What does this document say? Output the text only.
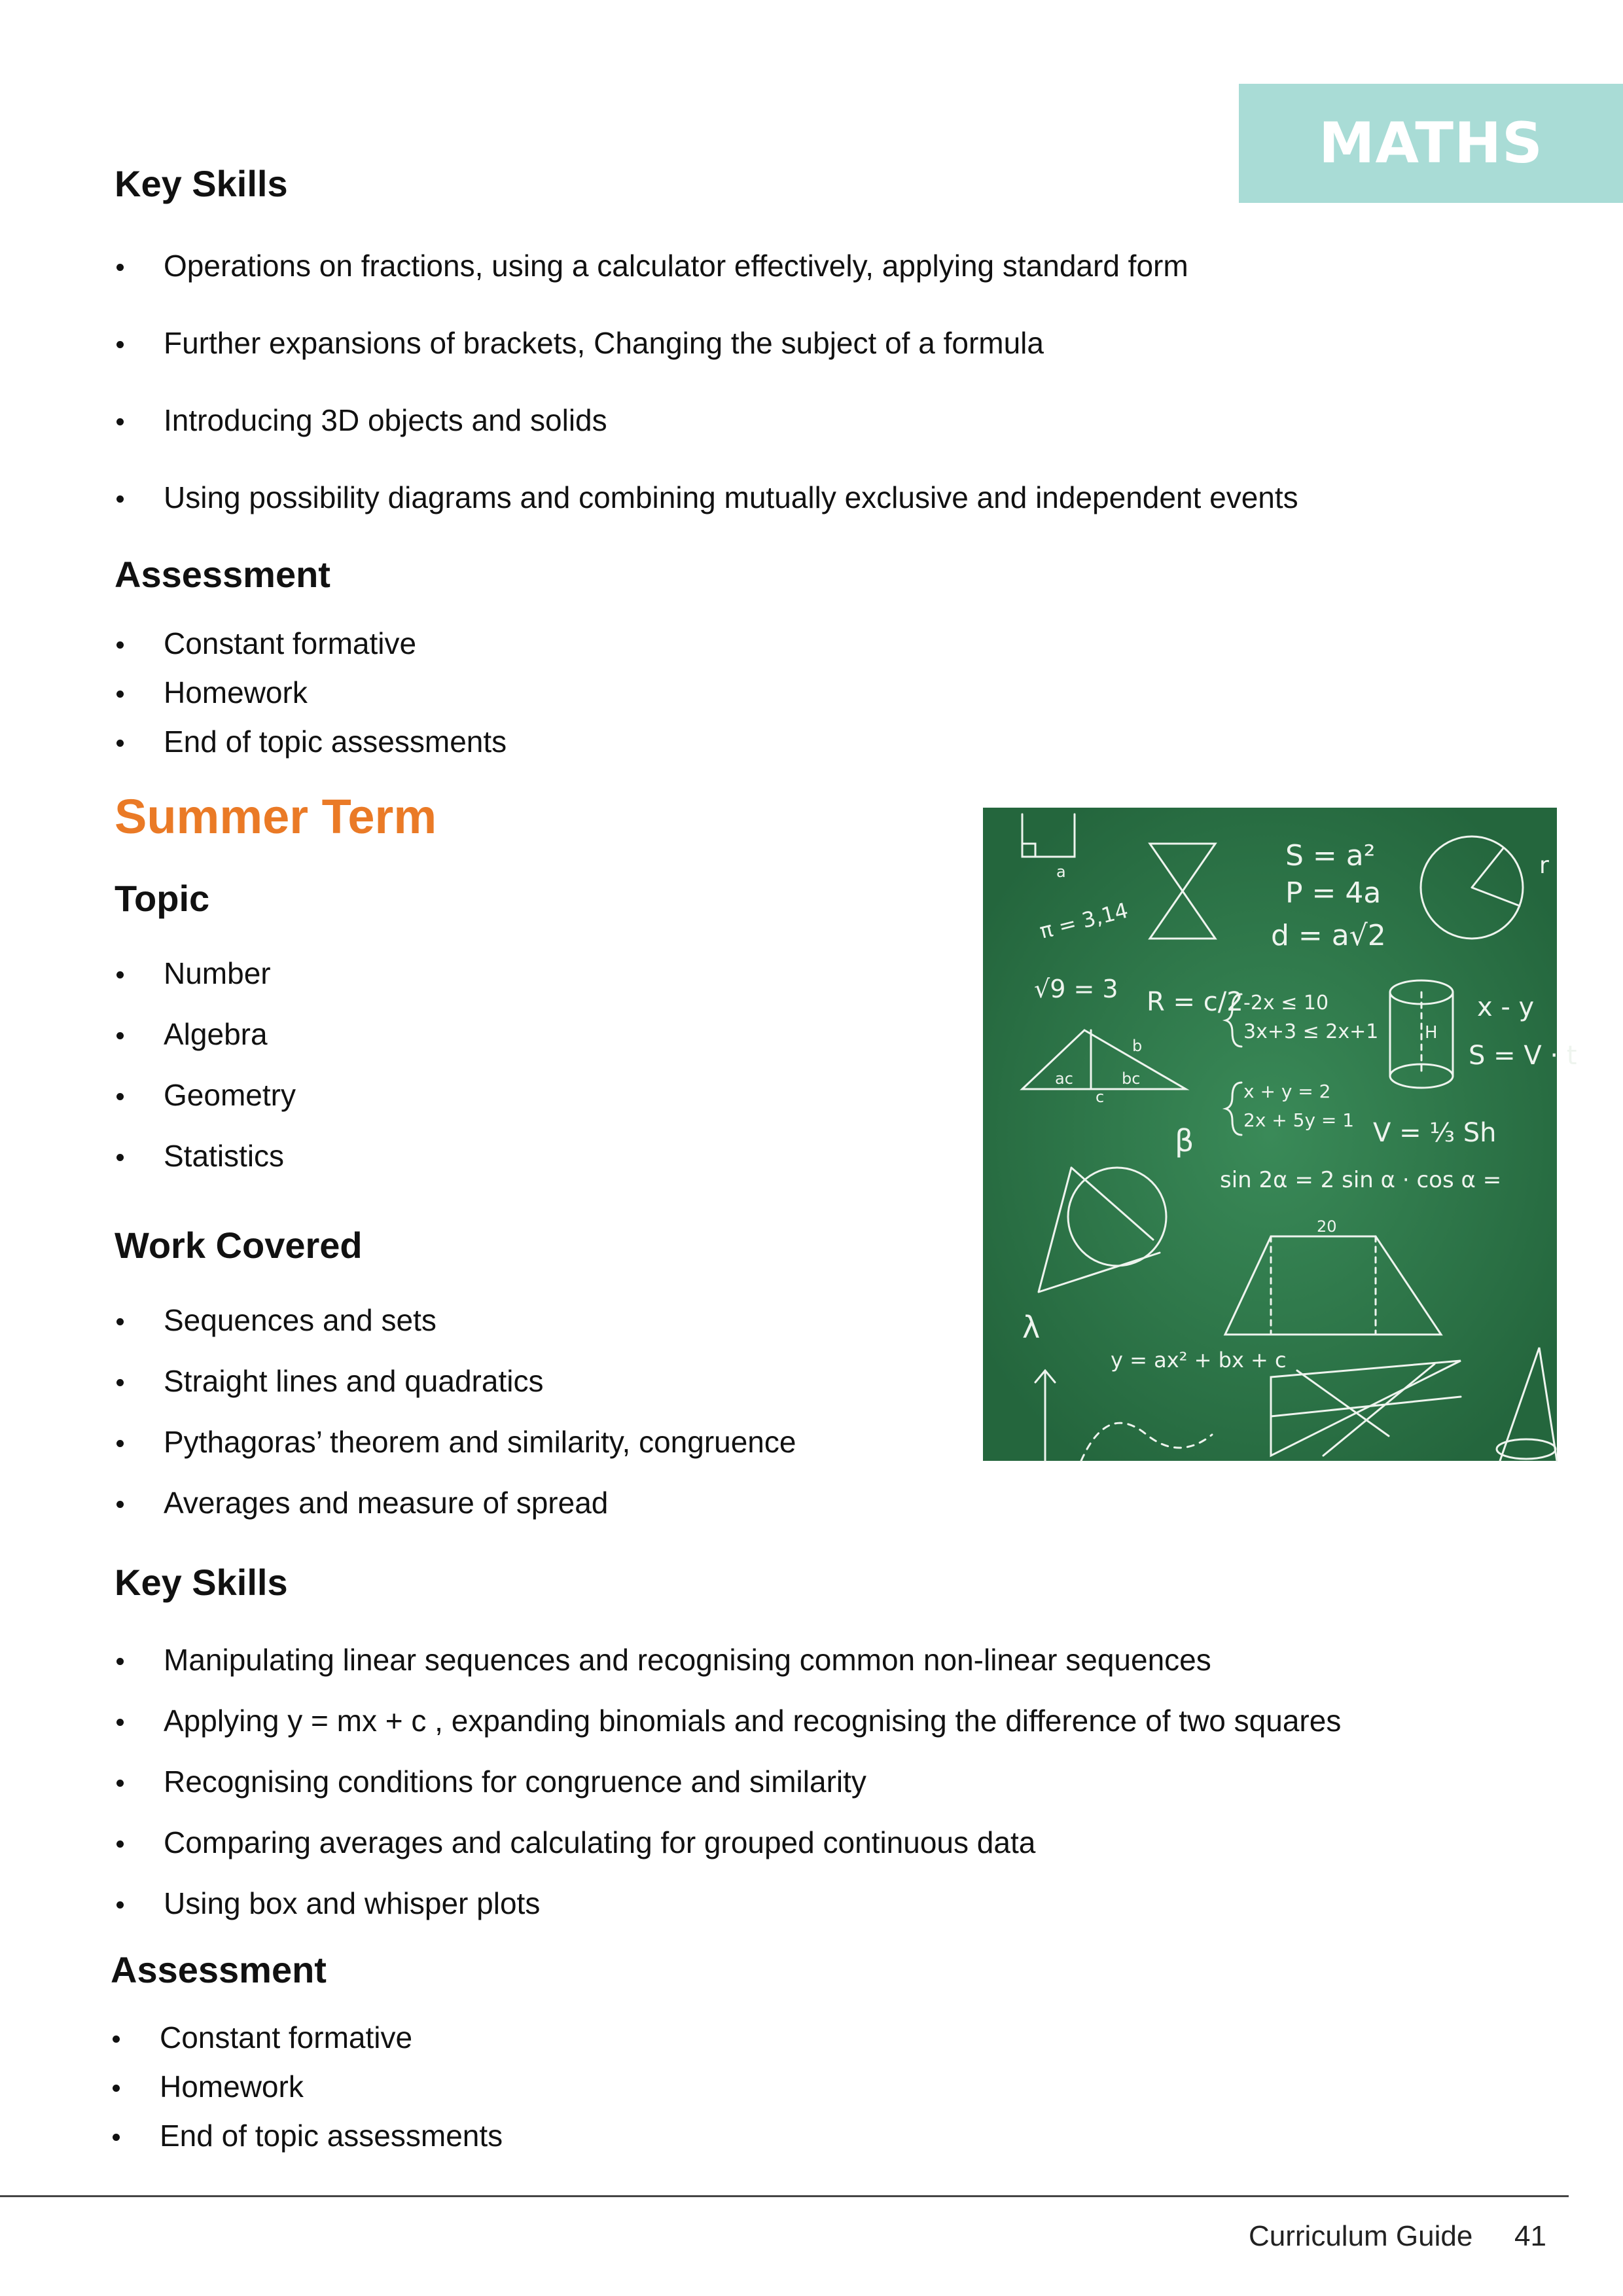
MATHS
Key Skills
Operations on fractions, using a calculator effectively, applying standard form
Further expansions of brackets, Changing the subject of a formula
Introducing 3D objects and solids
Using possibility diagrams and combining mutually exclusive and independent events
Assessment
Constant formative
Homework
End of topic assessments
Summer Term
Topic
Number
Algebra
Geometry
Statistics
Work Covered
Sequences and sets
Straight lines and quadratics
Pythagoras’ theorem and similarity, congruence
Averages and measure of spread
Key Skills
Manipulating linear sequences and recognising common non-linear sequences
Applying y = mx + c , expanding binomials and recognising the difference of two squares
Recognising conditions for congruence and similarity
Comparing averages and calculating for grouped continuous data
Using box and whisper plots
Assessment
Constant formative
Homework
End of topic assessments
S = a²
P = 4a
d = a√2
π = 3,14
√9 = 3 R = c/2 -2x ≤ 10
3x+3 ≤ 2x+1
x + y = 2
2x + 5y = 1 V = ⅓ Sh
sin 2α = 2 sin α · cos α =
y = ax² + bx + c
S = V · t
x - y
β
λ
20
a
ac	bc
c
b
H
r
Curriculum Guide 41
